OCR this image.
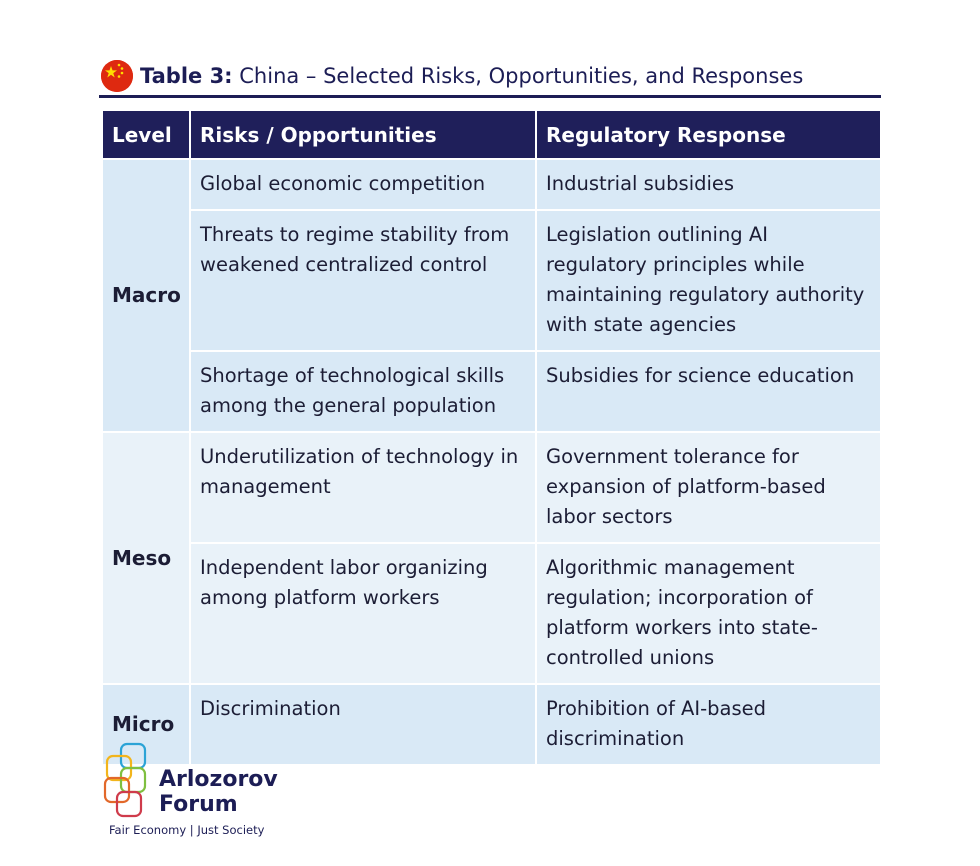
Table 3: China – Selected Risks, Opportunities, and Responses
Level	Risks / Opportunities	Regulatory Response
Macro	Global economic competition	Industrial subsidies
	Threats to regime stability from weakened centralized control	Legislation outlining AI regulatory principles while maintaining regulatory authority with state agencies
	Shortage of technological skills among the general population	Subsidies for science education
Meso	Underutilization of technology in management	Government tolerance for expansion of platform-based labor sectors
	Independent labor organizing among platform workers	Algorithmic management regulation; incorporation of platform workers into state-controlled unions
Micro	Discrimination	Prohibition of AI-based discrimination
Arlozorov
Forum
Fair Economy | Just Society
